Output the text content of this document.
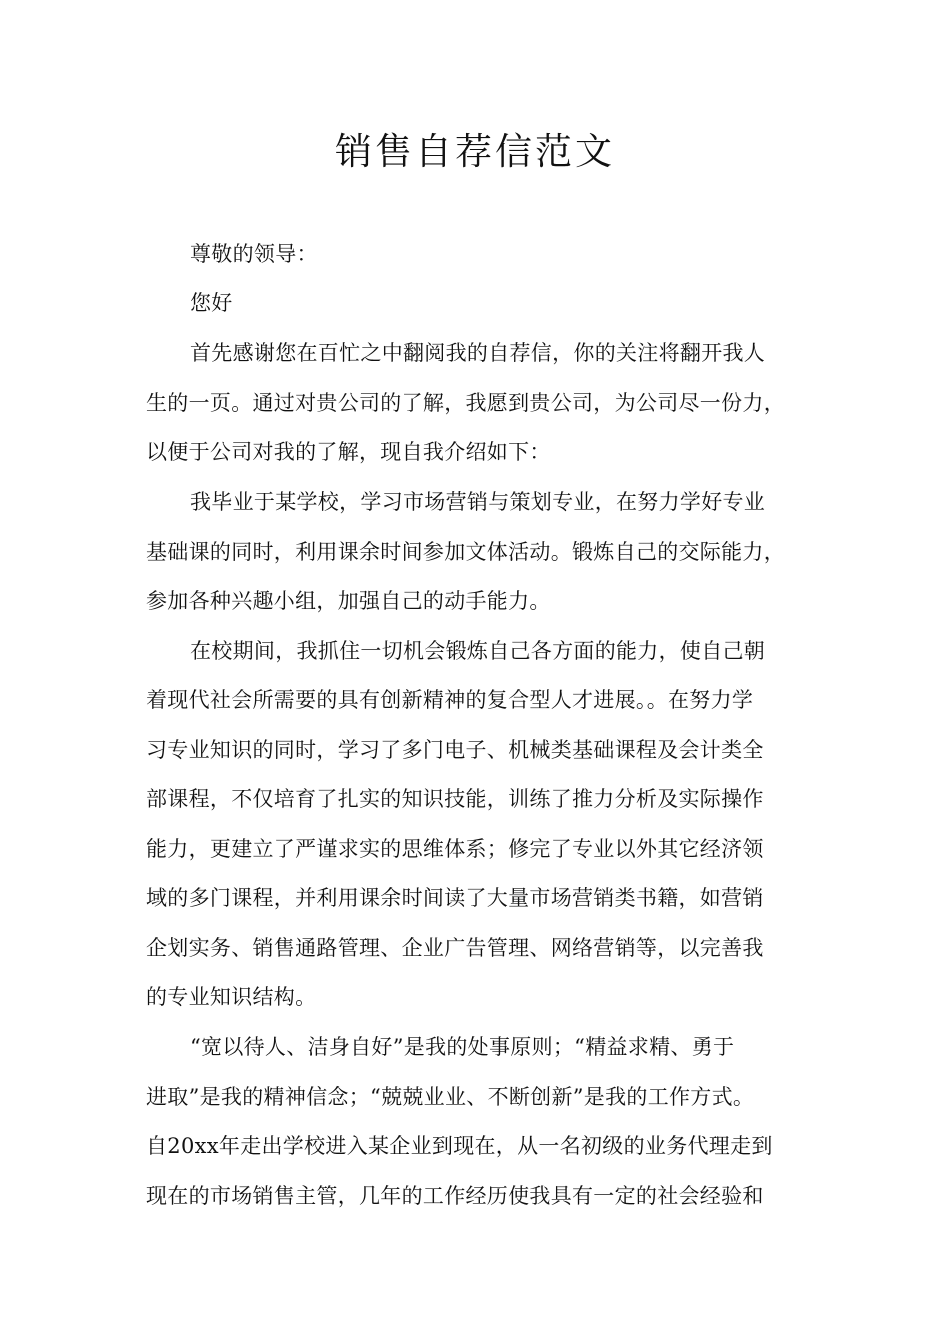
销售自荐信范文
尊敬的领导：
您好
首先感谢您在百忙之中翻阅我的自荐信，你的关注将翻开我人
生的一页。通过对贵公司的了解，我愿到贵公司，为公司尽一份力，
以便于公司对我的了解，现自我介绍如下：
我毕业于某学校，学习市场营销与策划专业，在努力学好专业
基础课的同时，利用课余时间参加文体活动。锻炼自己的交际能力，
参加各种兴趣小组，加强自己的动手能力。
在校期间，我抓住一切机会锻炼自己各方面的能力，使自己朝
着现代社会所需要的具有创新精神的复合型人才进展。。在努力学
习专业知识的同时，学习了多门电子、机械类基础课程及会计类全
部课程，不仅培育了扎实的知识技能，训练了推力分析及实际操作
能力，更建立了严谨求实的思维体系；修完了专业以外其它经济领
域的多门课程，并利用课余时间读了大量市场营销类书籍，如营销
企划实务、销售通路管理、企业广告管理、网络营销等，以完善我
的专业知识结构。
“宽以待人、洁身自好”是我的处事原则；“精益求精、勇于
进取”是我的精神信念；“兢兢业业、不断创新”是我的工作方式。
自20xx年走出学校进入某企业到现在，从一名初级的业务代理走到
现在的市场销售主管，几年的工作经历使我具有一定的社会经验和
